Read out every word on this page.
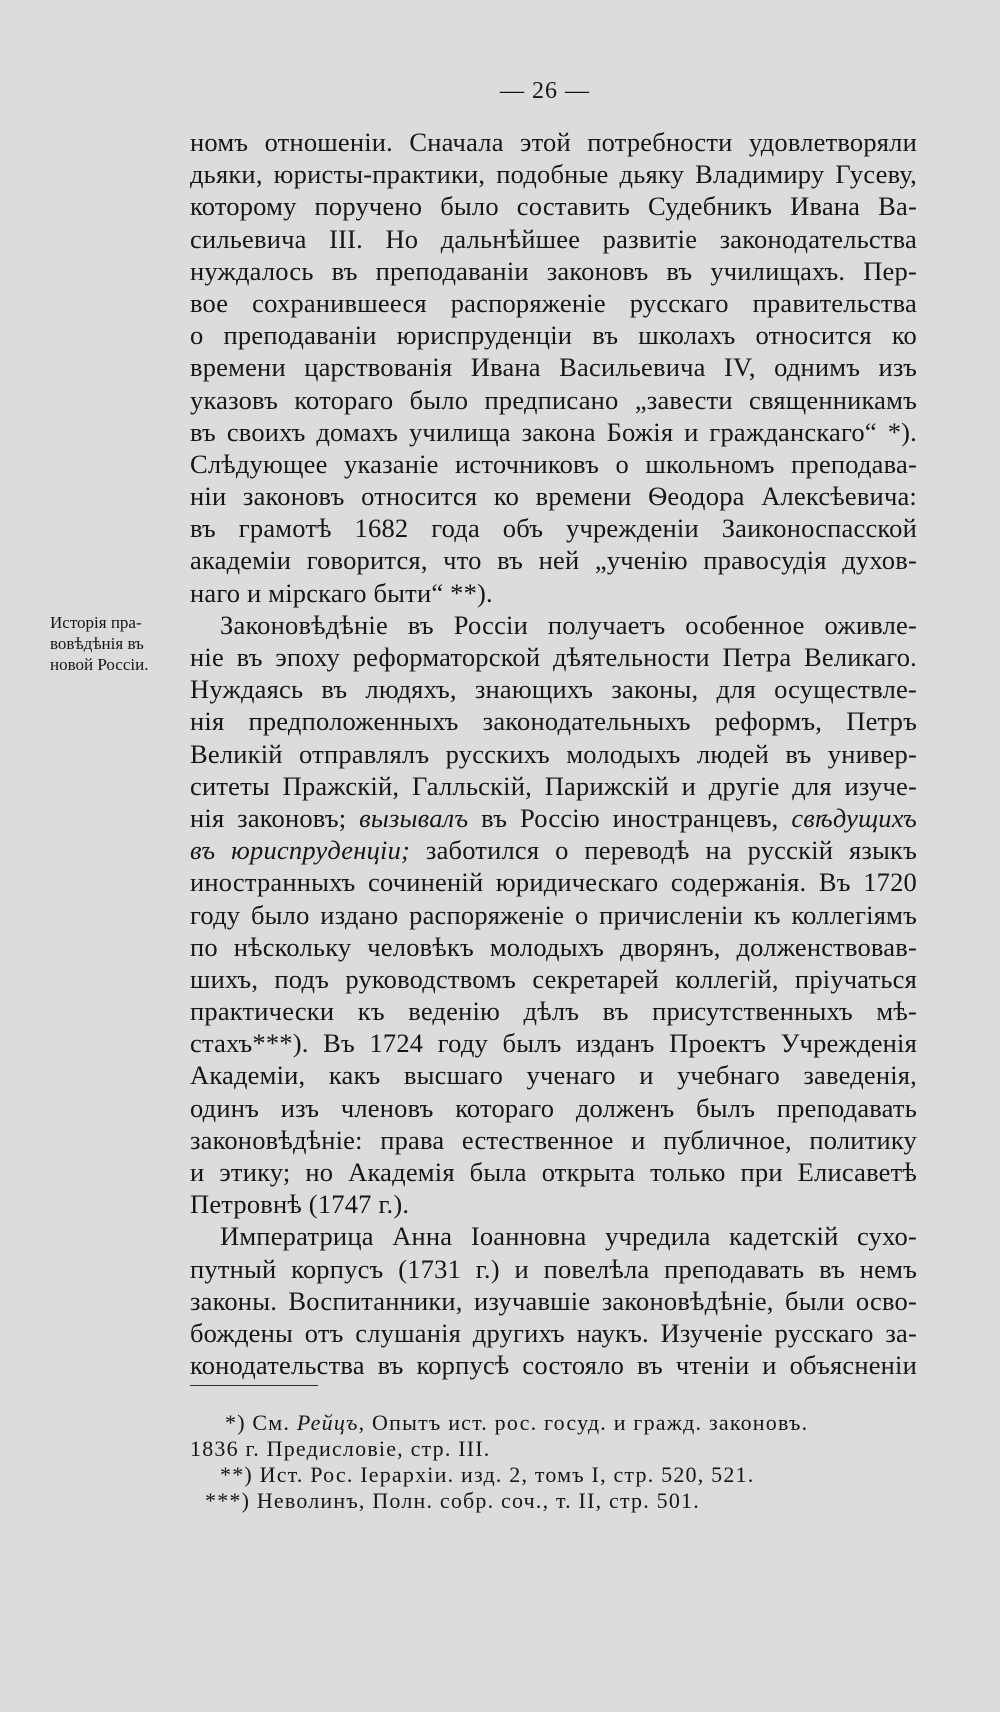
— 26 —
Исторія пра-
вовѣдѣнія въ
новой Россіи.
номъ отношеніи. Сначала этой потребности удовлетворяли
дьяки, юристы-практики, подобные дьяку Владимиру Гусеву,
которому поручено было составить Судебникъ Ивана Ва-
сильевича III. Но дальнѣйшее развитіе законодательства
нуждалось въ преподаваніи законовъ въ училищахъ. Пер-
вое сохранившееся распоряженіе русскаго правительства
о преподаваніи юриспруденціи въ школахъ относится ко
времени царствованія Ивана Васильевича IV, однимъ изъ
указовъ котораго было предписано „завести священникамъ
въ своихъ домахъ училища закона Божія и гражданскаго“ *).
Слѣдующее указаніе источниковъ о школьномъ преподава-
ніи законовъ относится ко времени Ѳеодора Алексѣевича:
въ грамотѣ 1682 года объ учрежденіи Заиконоспасской
академіи говорится, что въ ней „ученію правосудія духов-
наго и мірскаго быти“ **).
Законовѣдѣніе въ Россіи получаетъ особенное оживле-
ніе въ эпоху реформаторской дѣятельности Петра Великаго.
Нуждаясь въ людяхъ, знающихъ законы, для осуществле-
нія предположенныхъ законодательныхъ реформъ, Петръ
Великій отправлялъ русскихъ молодыхъ людей въ универ-
ситеты Пражскій, Галльскій, Парижскій и другіе для изуче-
нія законовъ; вызывалъ въ Россію иностранцевъ, свѣдущихъ
въ юриспруденціи; заботился о переводѣ на русскій языкъ
иностранныхъ сочиненій юридическаго содержанія. Въ 1720
году было издано распоряженіе о причисленіи къ коллегіямъ
по нѣскольку человѣкъ молодыхъ дворянъ, долженствовав-
шихъ, подъ руководствомъ секретарей коллегій, пріучаться
практически къ веденію дѣлъ въ присутственныхъ мѣ-
стахъ***). Въ 1724 году былъ изданъ Проектъ Учрежденія
Академіи, какъ высшаго ученаго и учебнаго заведенія,
одинъ изъ членовъ котораго долженъ былъ преподавать
законовѣдѣніе: права естественное и публичное, политику
и этику; но Академія была открыта только при Елисаветѣ
Петровнѣ (1747 г.).
Императрица Анна Іоанновна учредила кадетскій сухо-
путный корпусъ (1731 г.) и повелѣла преподавать въ немъ
законы. Воспитанники, изучавшіе законовѣдѣніе, были осво-
бождены отъ слушанія другихъ наукъ. Изученіе русскаго за-
конодательства въ корпусѣ состояло въ чтеніи и объясненіи
*) См. Рейцъ, Опытъ ист. рос. госуд. и гражд. законовъ.
1836 г. Предисловіе, стр. III.
**) Ист. Рос. Іерархіи. изд. 2, томъ I, стр. 520, 521.
***) Неволинъ, Полн. собр. соч., т. II, стр. 501.
